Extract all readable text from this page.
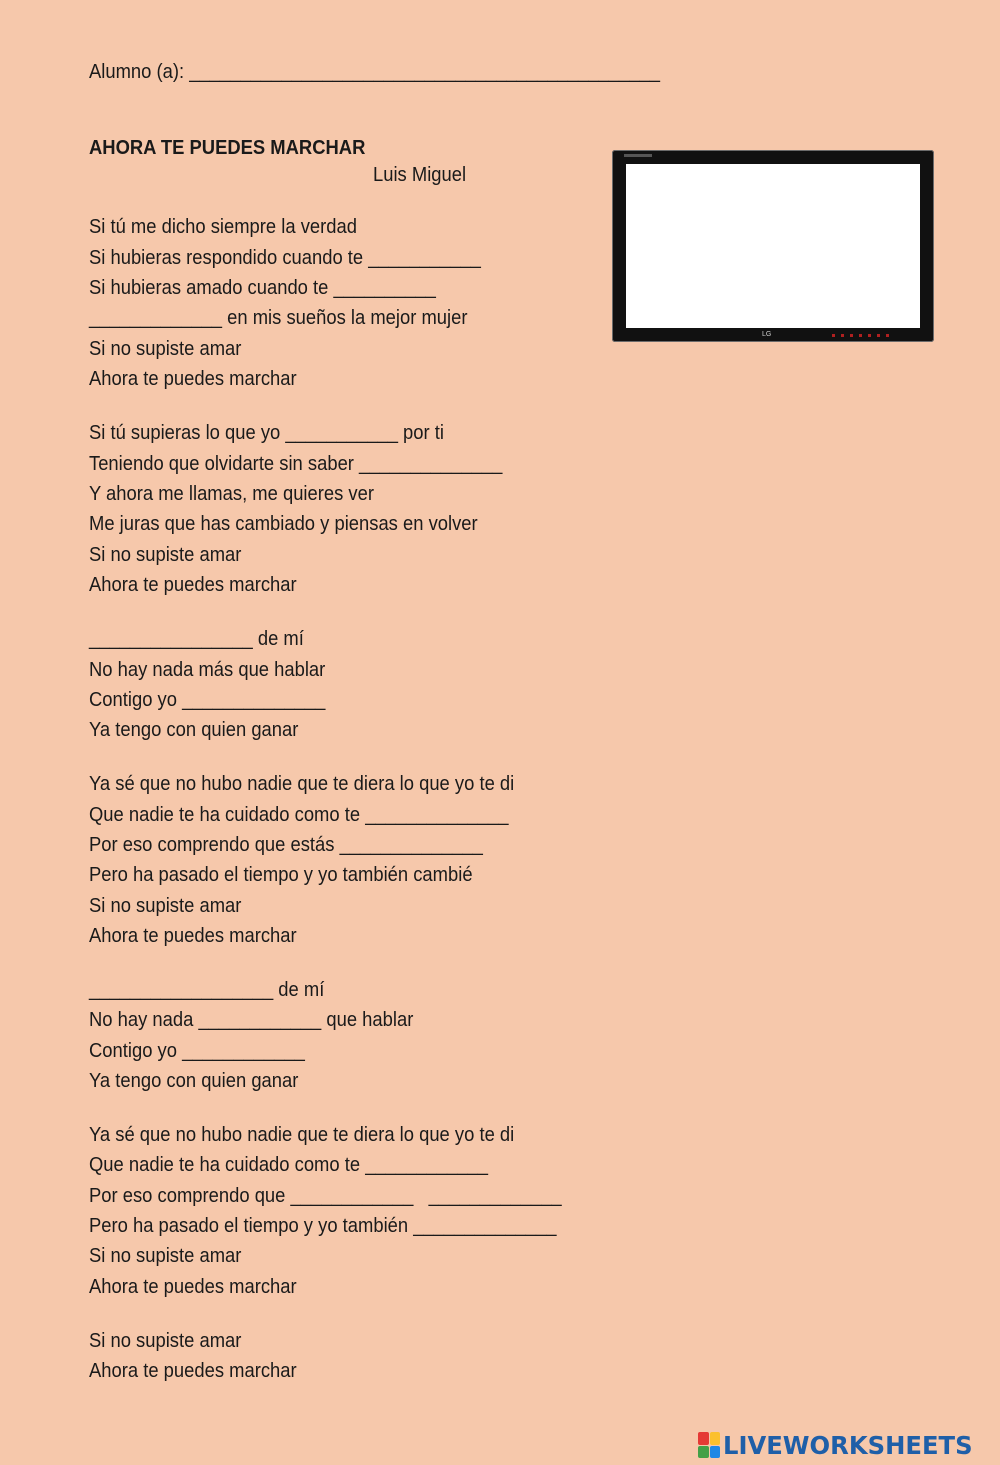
Alumno (a): ______________________________________________
AHORA TE PUEDES MARCHAR
Luis Miguel
Si tú me dicho siempre la verdad
Si hubieras respondido cuando te ___________
Si hubieras amado cuando te __________
_____________ en mis sueños la mejor mujer
Si no supiste amar
Ahora te puedes marchar
Si tú supieras lo que yo ___________ por ti
Teniendo que olvidarte sin saber ______________
Y ahora me llamas, me quieres ver
Me juras que has cambiado y piensas en volver
Si no supiste amar
Ahora te puedes marchar
________________ de mí
No hay nada más que hablar
Contigo yo ______________
Ya tengo con quien ganar
Ya sé que no hubo nadie que te diera lo que yo te di
Que nadie te ha cuidado como te ______________
Por eso comprendo que estás ______________
Pero ha pasado el tiempo y yo también cambié
Si no supiste amar
Ahora te puedes marchar
__________________ de mí
No hay nada ____________ que hablar
Contigo yo ____________
Ya tengo con quien ganar
Ya sé que no hubo nadie que te diera lo que yo te di
Que nadie te ha cuidado como te ____________
Por eso comprendo que ____________   _____________
Pero ha pasado el tiempo y yo también ______________
Si no supiste amar
Ahora te puedes marchar
Si no supiste amar
Ahora te puedes marchar
LG
LIVEWORKSHEETS
